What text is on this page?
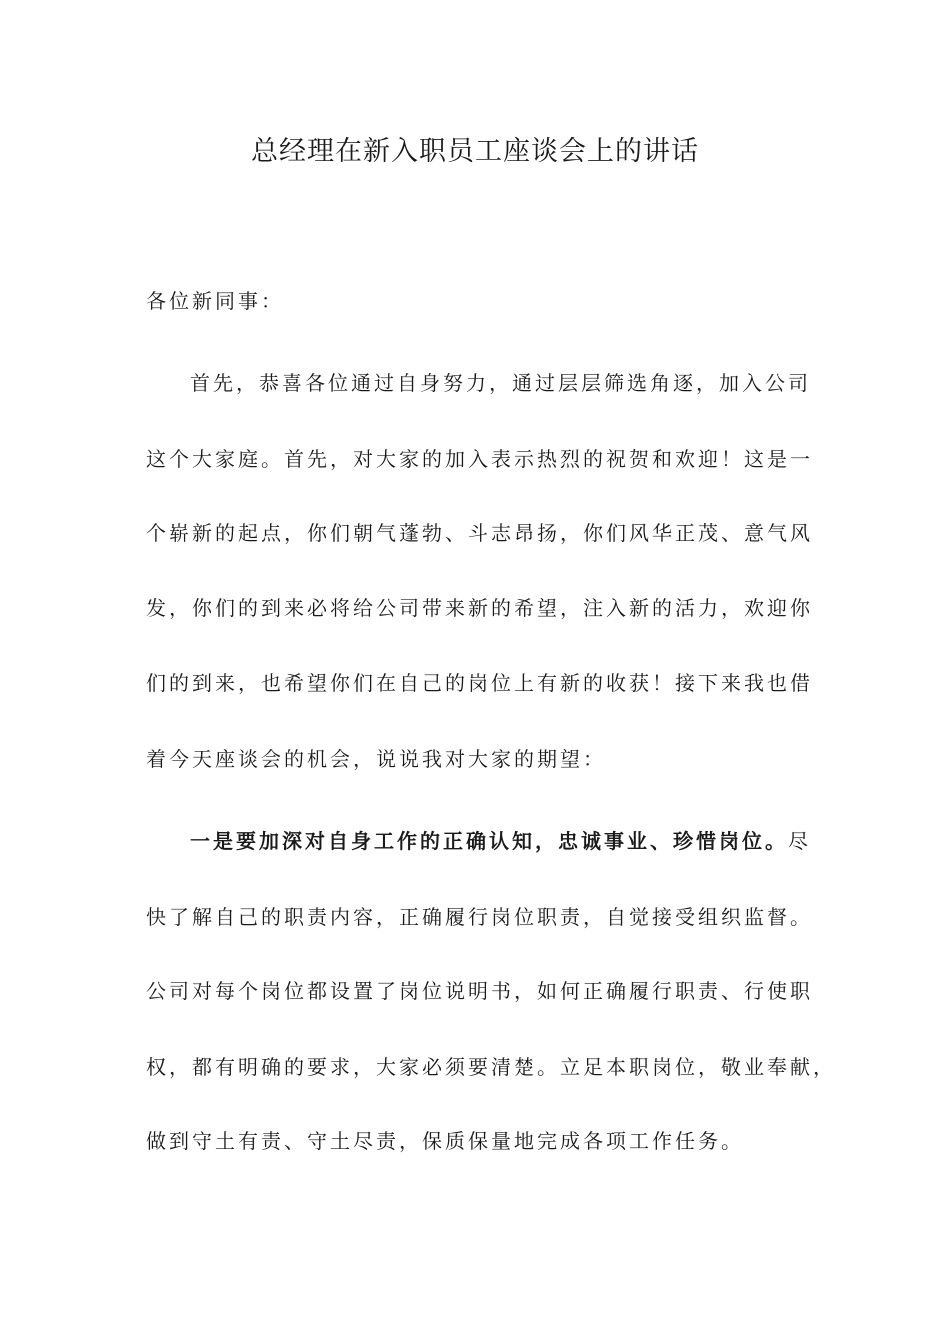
总经理在新入职员工座谈会上的讲话

各位新同事：

首先，恭喜各位通过自身努力，通过层层筛选角逐，加入公司

这个大家庭。首先，对大家的加入表示热烈的祝贺和欢迎！这是一

个崭新的起点，你们朝气蓬勃、斗志昂扬，你们风华正茂、意气风

发，你们的到来必将给公司带来新的希望，注入新的活力，欢迎你

们的到来，也希望你们在自己的岗位上有新的收获！接下来我也借

着今天座谈会的机会，说说我对大家的期望：

一是要加深对自身工作的正确认知，忠诚事业、珍惜岗位。尽

快了解自己的职责内容，正确履行岗位职责，自觉接受组织监督。

公司对每个岗位都设置了岗位说明书，如何正确履行职责、行使职

权，都有明确的要求，大家必须要清楚。立足本职岗位，敬业奉献，

做到守土有责、守土尽责，保质保量地完成各项工作任务。
